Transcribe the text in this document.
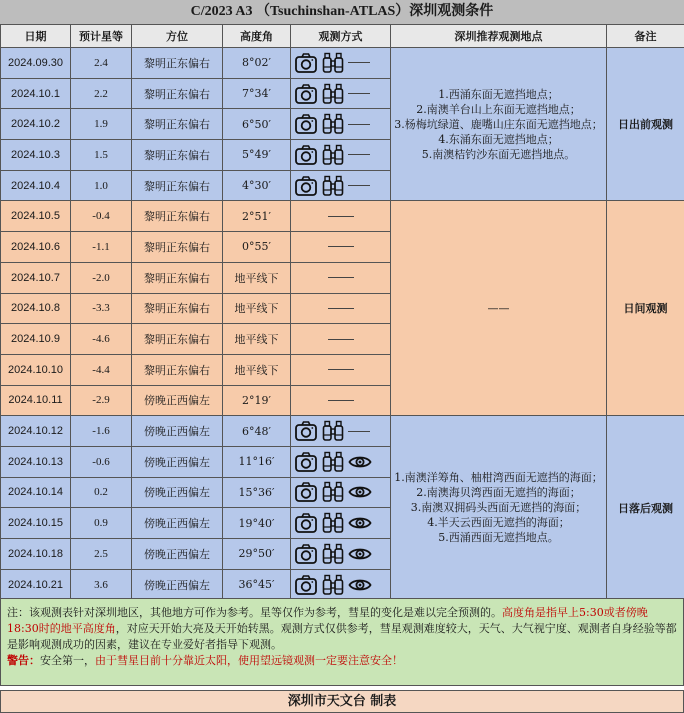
C/2023 A3 （Tsuchinshan-ATLAS）深圳观测条件
日期	预计星等	方位	高度角	观测方式	深圳推荐观测地点	备注
2024.09.30	2.4	黎明正东偏右	8°02′		1.西涌东面无遮挡地点；
2.南澳羊台山上东面无遮挡地点；
3.杨梅坑绿道、鹿嘴山庄东面无遮挡地点；
4.东涌东面无遮挡地点；
5.南澳桔钓沙东面无遮挡地点。	日出前观测
2024.10.1	2.2	黎明正东偏右	7°34′	

2024.10.2	1.9	黎明正东偏右	6°50′	

2024.10.3	1.5	黎明正东偏右	5°49′	

2024.10.4	1.0	黎明正东偏右	4°30′	

2024.10.5	-0.4	黎明正东偏右	2°51′		——	日间观测
2024.10.6	-1.1	黎明正东偏右	0°55′			

2024.10.7	-2.0	黎明正东偏右	地平线下			

2024.10.8	-3.3	黎明正东偏右	地平线下			

2024.10.9	-4.6	黎明正东偏右	地平线下			

2024.10.10	-4.4	黎明正东偏右	地平线下			

2024.10.11	-2.9	傍晚正西偏左	2°19′			

2024.10.12	-1.6	傍晚正西偏左	6°48′		1.南澳洋筹角、柚柑湾西面无遮挡的海面；
2.南澳海贝湾西面无遮挡的海面；
3.南澳双拥码头西面无遮挡的海面；
4.半天云西面无遮挡的海面；
5.西涌西面无遮挡地点。	日落后观测
2024.10.13	-0.6	傍晚正西偏左	11°16′	

2024.10.14	0.2	傍晚正西偏左	15°36′	

2024.10.15	0.9	傍晚正西偏左	19°40′	

2024.10.18	2.5	傍晚正西偏左	29°50′	

2024.10.21	3.6	傍晚正西偏左	36°45′	
注：该观测表针对深圳地区，其他地方可作为参考。星等仅作为参考，彗星的变化是难以完全预测的。高度角是指早上5:30或者傍晚18:30时的地平高度角，对应天开始大亮及天开始转黑。观测方式仅供参考，彗星观测难度较大，天气、大气视宁度、观测者自身经验等都是影响观测成功的因素，建议在专业爱好者指导下观测。
警告：安全第一，由于彗星目前十分靠近太阳，使用望远镜观测一定要注意安全！
深圳市天文台 制表
